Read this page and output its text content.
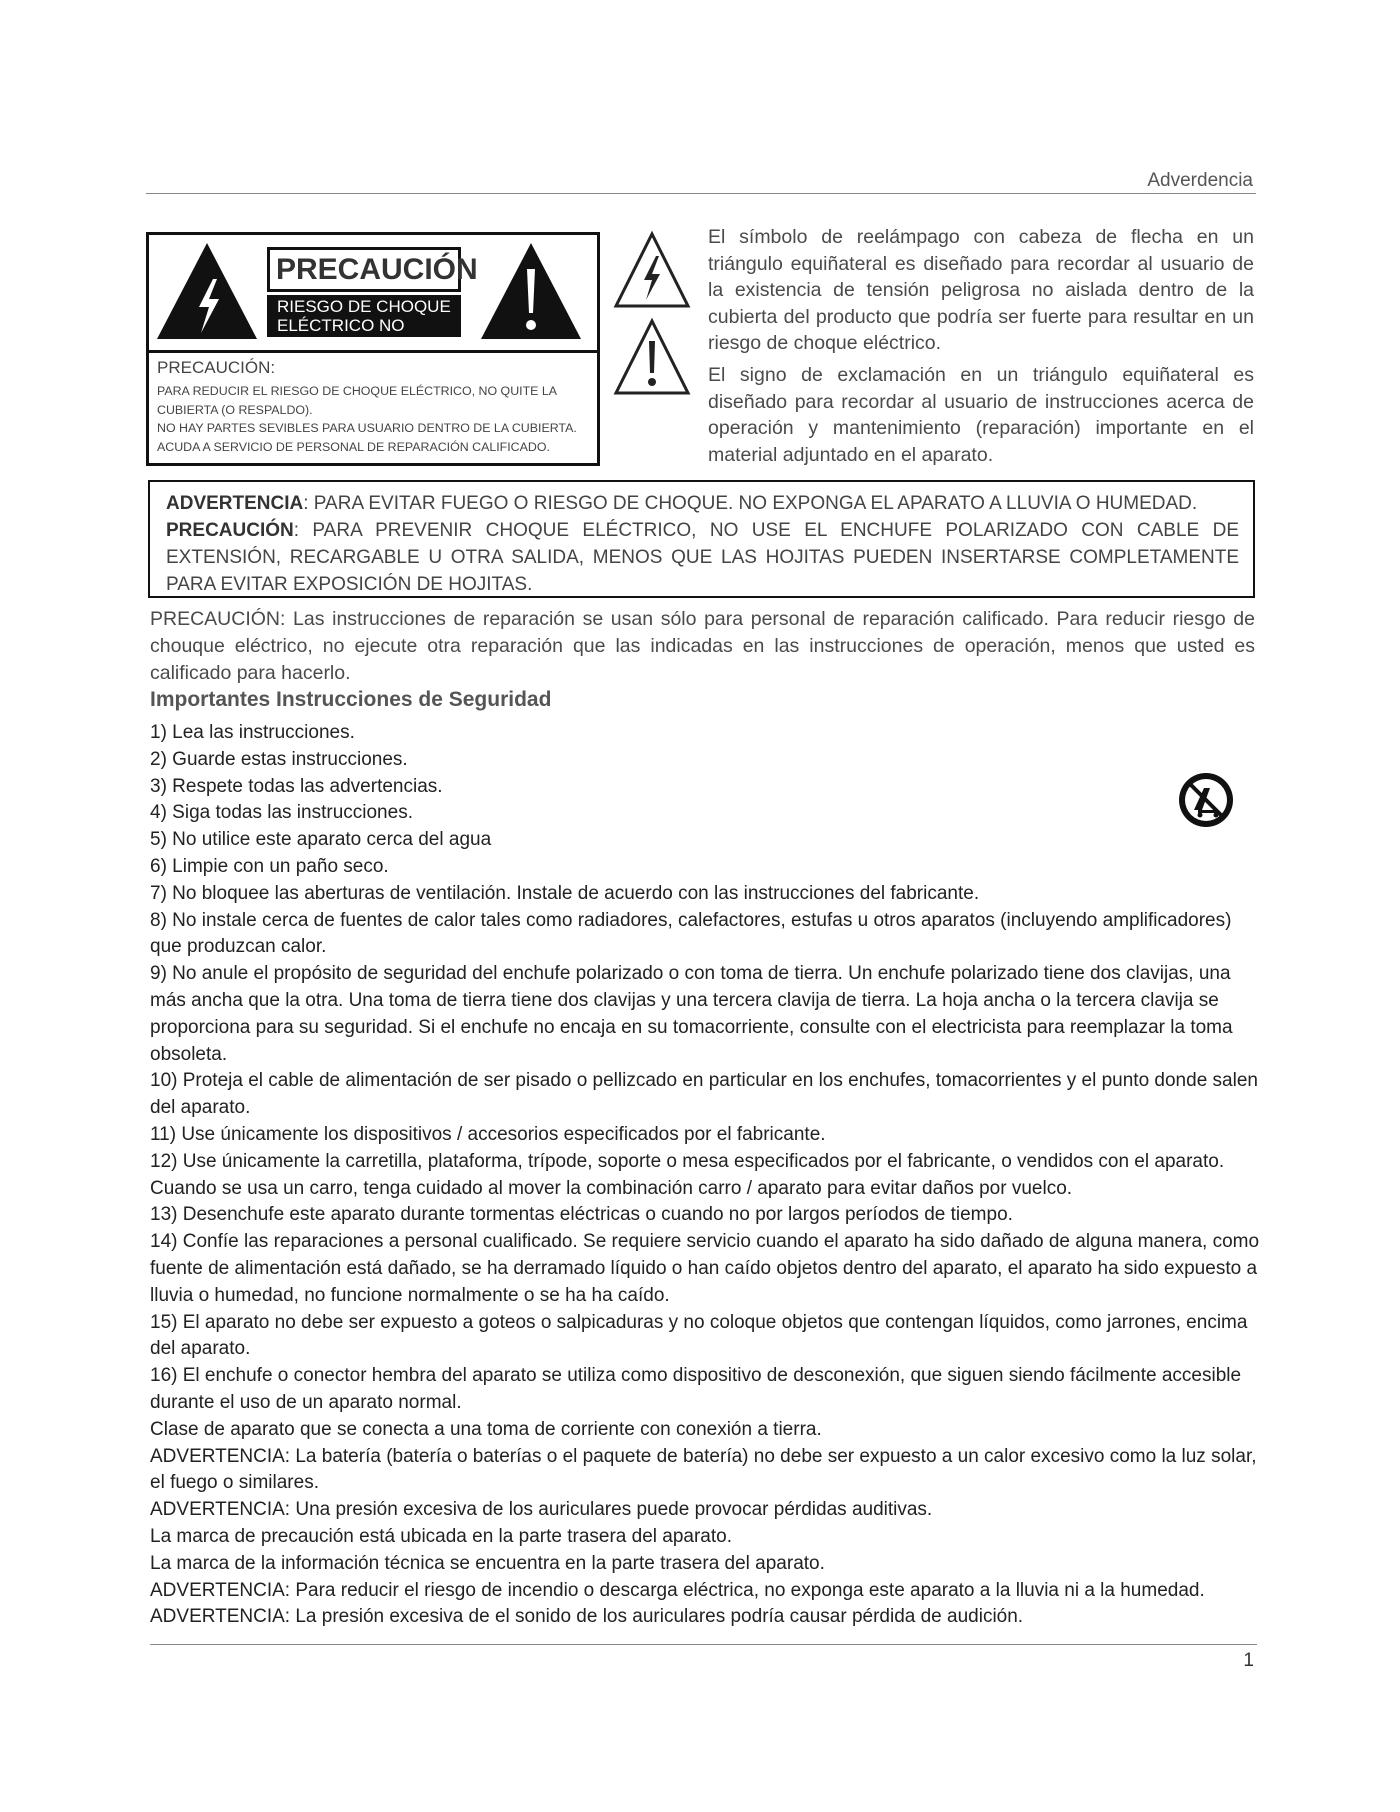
Adverdencia
PRECAUCIÓN
RIESGO DE CHOQUE
ELÉCTRICO NO ABRA
PRECAUCIÓN:
PARA REDUCIR EL RIESGO DE CHOQUE ELÉCTRICO, NO QUITE LA
CUBIERTA (O RESPALDO).
NO HAY PARTES SEVIBLES PARA USUARIO DENTRO DE LA CUBIERTA.
ACUDA A SERVICIO DE PERSONAL DE REPARACIÓN CALIFICADO.
El símbolo de reelámpago con cabeza de flecha en un triángulo equiñateral es diseñado para recordar al usuario de la existencia de tensión peligrosa no aislada dentro de la cubierta del producto que podría ser fuerte para resultar en un riesgo de choque eléctrico.
El signo de exclamación en un triángulo equiñateral es diseñado para recordar al usuario de instrucciones acerca de operación y mantenimiento (reparación) importante en el material adjuntado en el aparato.
ADVERTENCIA: PARA EVITAR FUEGO O RIESGO DE CHOQUE. NO EXPONGA EL APARATO A LLUVIA O HUMEDAD.
PRECAUCIÓN: PARA PREVENIR CHOQUE ELÉCTRICO, NO USE EL ENCHUFE POLARIZADO CON CABLE DE EXTENSIÓN, RECARGABLE U OTRA SALIDA, MENOS QUE LAS HOJITAS PUEDEN INSERTARSE COMPLETAMENTE PARA EVITAR EXPOSICIÓN DE HOJITAS.
PRECAUCIÓN: Las instrucciones de reparación se usan sólo para personal de reparación calificado. Para reducir riesgo de chouque eléctrico, no ejecute otra reparación que las indicadas en las instrucciones de operación, menos que usted es calificado para hacerlo.
Importantes Instrucciones de Seguridad
1) Lea las instrucciones.
2) Guarde estas instrucciones.
3) Respete todas las advertencias.
4) Siga todas las instrucciones.
5) No utilice este aparato cerca del agua
6) Limpie con un paño seco.
7) No bloquee las aberturas de ventilación. Instale de acuerdo con las instrucciones del fabricante.
8) No instale cerca de fuentes de calor tales como radiadores, calefactores, estufas u otros aparatos (incluyendo amplificadores) que produzcan calor.
9) No anule el propósito de seguridad del enchufe polarizado o con toma de tierra. Un enchufe polarizado tiene dos clavijas, una más ancha que la otra. Una toma de tierra tiene dos clavijas y una tercera clavija de tierra. La hoja ancha o la tercera clavija se proporciona para su seguridad. Si el enchufe no encaja en su tomacorriente, consulte con el electricista para reemplazar la toma obsoleta.
10) Proteja el cable de alimentación de ser pisado o pellizcado en particular en los enchufes, tomacorrientes y el punto donde salen del aparato.
11) Use únicamente los dispositivos / accesorios especificados por el fabricante.
12) Use únicamente la carretilla, plataforma, trípode, soporte o mesa especificados por el fabricante, o vendidos con el aparato. Cuando se usa un carro, tenga cuidado al mover la combinación carro / aparato para evitar daños por vuelco.
13) Desenchufe este aparato durante tormentas eléctricas o cuando no por largos períodos de tiempo.
14) Confíe las reparaciones a personal cualificado. Se requiere servicio cuando el aparato ha sido dañado de alguna manera, como fuente de alimentación está dañado, se ha derramado líquido o han caído objetos dentro del aparato, el aparato ha sido expuesto a lluvia o humedad, no funcione normalmente o se ha ha caído.
15) El aparato no debe ser expuesto a goteos o salpicaduras y no coloque objetos que contengan líquidos, como jarrones, encima del aparato.
16) El enchufe o conector hembra del aparato se utiliza como dispositivo de desconexión, que siguen siendo fácilmente accesible durante el uso de un aparato normal.
Clase de aparato que se conecta a una toma de corriente con conexión a tierra.
ADVERTENCIA: La batería (batería o baterías o el paquete de batería) no debe ser expuesto a un calor excesivo como la luz solar, el fuego o similares.
ADVERTENCIA: Una presión excesiva de los auriculares puede provocar pérdidas auditivas.
La marca de precaución está ubicada en la parte trasera del aparato.
La marca de la información técnica se encuentra en la parte trasera del aparato.
ADVERTENCIA: Para reducir el riesgo de incendio o descarga eléctrica, no exponga este aparato a la lluvia ni a la humedad.
ADVERTENCIA: La presión excesiva de el sonido de los auriculares podría causar pérdida de audición.
1
